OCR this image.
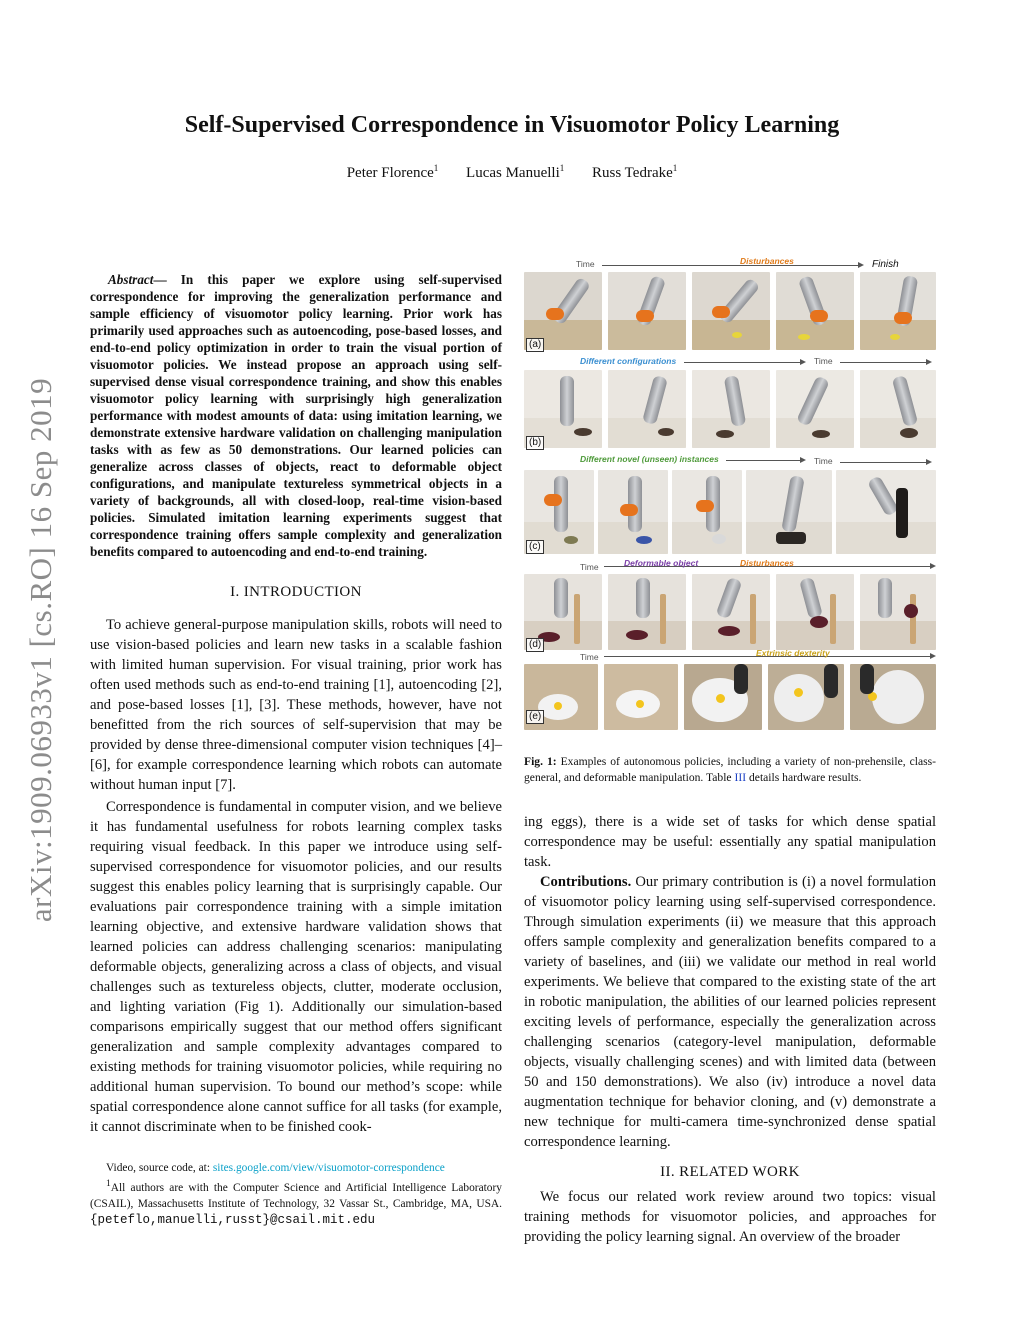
arXiv:1909.06933v1 [cs.RO] 16 Sep 2019
Self-Supervised Correspondence in Visuomotor Policy Learning
Peter Florence$^1$ Lucas Manuelli$^1$ Russ Tedrake$^1$

Abstract— In this paper we explore using self-supervised correspondence for improving the generalization performance and sample efficiency of visuomotor policy learning. Prior work has primarily used approaches such as autoencoding, pose-based losses, and end-to-end policy optimization in order to train the visual portion of visuomotor policies. We instead propose an approach using self-supervised dense visual correspondence training, and show this enables visuomotor policy learning with surprisingly high generalization performance with modest amounts of data: using imitation learning, we demonstrate extensive hardware validation on challenging manipulation tasks with as few as 50 demonstrations. Our learned policies can generalize across classes of objects, react to deformable object configurations, and manipulate textureless symmetrical objects in a variety of backgrounds, all with closed-loop, real-time vision-based policies. Simulated imitation learning experiments suggest that correspondence training offers sample complexity and generalization benefits compared to autoencoding and end-to-end training.

I. INTRODUCTION

To achieve general-purpose manipulation skills, robots will need to use vision-based policies and learn new tasks in a scalable fashion with limited human supervision. For visual training, prior work has often used methods such as end-to-end training [1], autoencoding [2], and pose-based losses [1], [3]. These methods, however, have not benefitted from the rich sources of self-supervision that may be provided by dense three-dimensional computer vision techniques [4]–[6], for example correspondence learning which robots can automate without human input [7].

Correspondence is fundamental in computer vision, and we believe it has fundamental usefulness for robots learning complex tasks requiring visual feedback. In this paper we introduce using self-supervised correspondence for visuomotor policies, and our results suggest this enables policy learning that is surprisingly capable. Our evaluations pair correspondence training with a simple imitation learning objective, and extensive hardware validation shows that learned policies can address challenging scenarios: manipulating deformable objects, generalizing across a class of objects, and visual challenges such as textureless objects, clutter, moderate occlusion, and lighting variation (Fig 1). Additionally our simulation-based comparisons empirically suggest that our method offers significant generalization and sample complexity advantages compared to existing methods for training visuomotor policies, while requiring no additional human supervision. To bound our method’s scope: while spatial correspondence alone cannot suffice for all tasks (for example, it cannot discriminate when to be finished cook-

Video, source code, at: sites.google.com/view/visuomotor-correspondence

$^1$All authors are with the Computer Science and Artificial Intelligence Laboratory (CSAIL), Massachusetts Institute of Technology, 32 Vassar St., Cambridge, MA, USA. {peteflo,manuelli,russt}@csail.mit.edu

Time	Disturbances	Finish
(a)
Different configurations	Time
(b)
Different novel (unseen) instances	Time
(c)
Time	Deformable object	Disturbances
(d)
Time	Extrinsic dexterity
(e)

Fig. 1: Examples of autonomous policies, including a variety of non-prehensile, class-general, and deformable manipulation. Table III details hardware results.

ing eggs), there is a wide set of tasks for which dense spatial correspondence may be useful: essentially any spatial manipulation task.

Contributions. Our primary contribution is (i) a novel formulation of visuomotor policy learning using self-supervised correspondence. Through simulation experiments (ii) we measure that this approach offers sample complexity and generalization benefits compared to a variety of baselines, and (iii) we validate our method in real world experiments. We believe that compared to the existing state of the art in robotic manipulation, the abilities of our learned policies represent exciting levels of performance, especially the generalization across challenging scenarios (category-level manipulation, deformable objects, visually challenging scenes) and with limited data (between 50 and 150 demonstrations). We also (iv) introduce a novel data augmentation technique for behavior cloning, and (v) demonstrate a new technique for multi-camera time-synchronized dense spatial correspondence learning.

II. RELATED WORK

We focus our related work review around two topics: visual training methods for visuomotor policies, and approaches for providing the policy learning signal. An overview of the broader
